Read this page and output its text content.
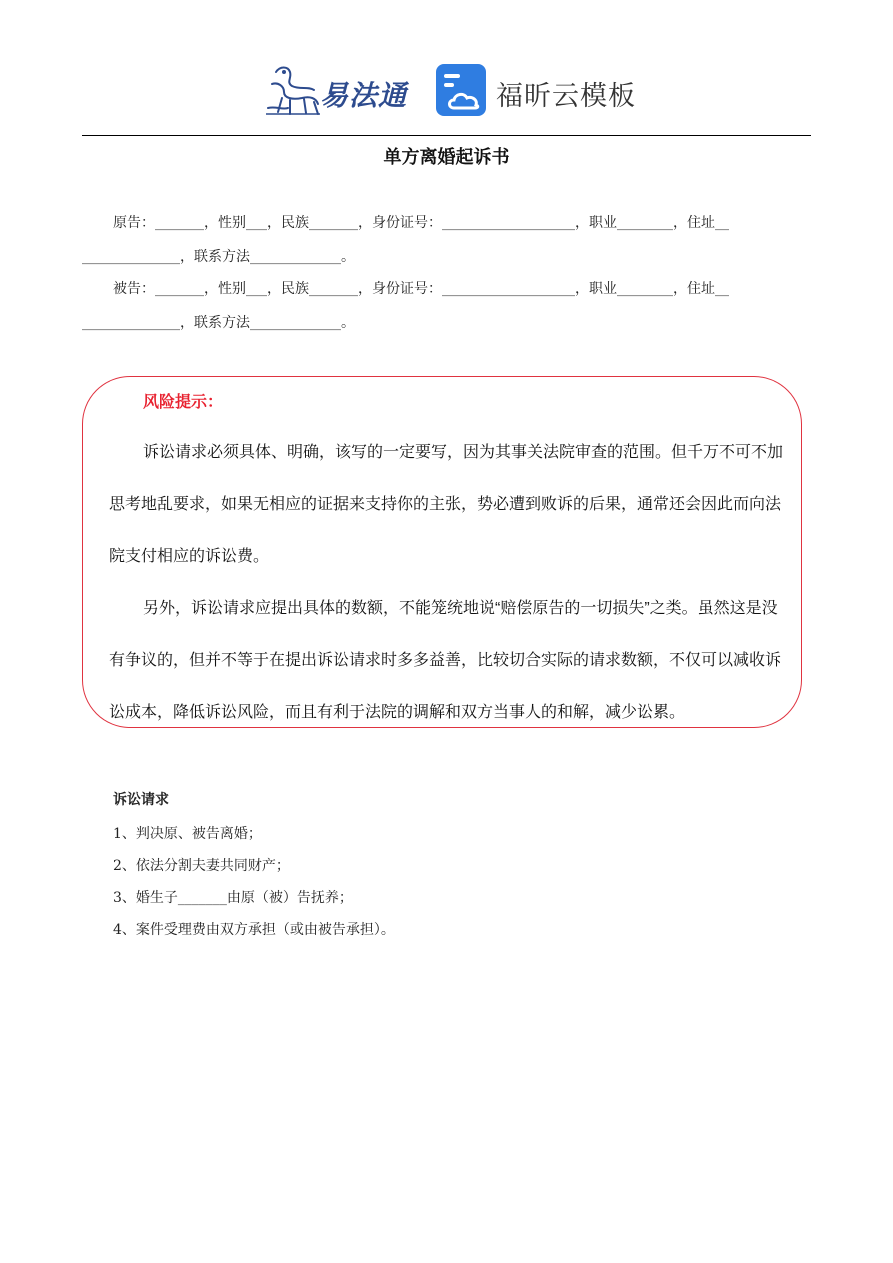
易法通	福昕云模板
单方离婚起诉书
原告：_______，性别___，民族_______，身份证号：___________________，职业________，住址__
______________，联系方法_____________。
被告：_______，性别___，民族_______，身份证号：___________________，职业________，住址__
______________，联系方法_____________。
风险提示：

诉讼请求必须具体、明确，该写的一定要写，因为其事关法院审查的范围。但千万不可不加思考地乱要求，如果无相应的证据来支持你的主张，势必遭到败诉的后果，通常还会因此而向法院支付相应的诉讼费。

另外，诉讼请求应提出具体的数额，不能笼统地说“赔偿原告的一切损失”之类。虽然这是没有争议的，但并不等于在提出诉讼请求时多多益善，比较切合实际的请求数额，不仅可以减收诉讼成本，降低诉讼风险，而且有利于法院的调解和双方当事人的和解，减少讼累。

诉讼请求
1、判决原、被告离婚；
2、依法分割夫妻共同财产；
3、婚生子_______由原（被）告抚养；
4、案件受理费由双方承担（或由被告承担）。
